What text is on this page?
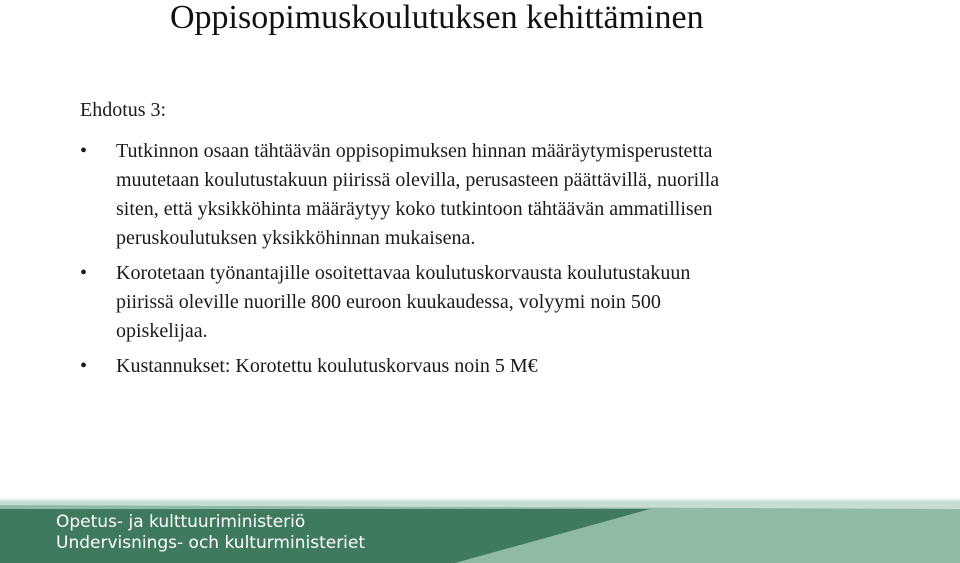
Oppisopimuskoulutuksen kehittäminen

Ehdotus 3:

•	Tutkinnon osaan tähtäävän oppisopimuksen hinnan määräytymisperustetta
muutetaan koulutustakuun piirissä olevilla, perusasteen päättävillä, nuorilla
siten, että yksikköhinta määräytyy koko tutkintoon tähtäävän ammatillisen
peruskoulutuksen yksikköhinnan mukaisena.
•	Korotetaan työnantajille osoitettavaa koulutuskorvausta koulutustakuun
piirissä oleville nuorille 800 euroon kuukaudessa, volyymi noin 500
opiskelijaa.
•	Kustannukset: Korotettu koulutuskorvaus noin 5 M€
Opetus- ja kulttuuriministeriö
Undervisnings- och kulturministeriet
